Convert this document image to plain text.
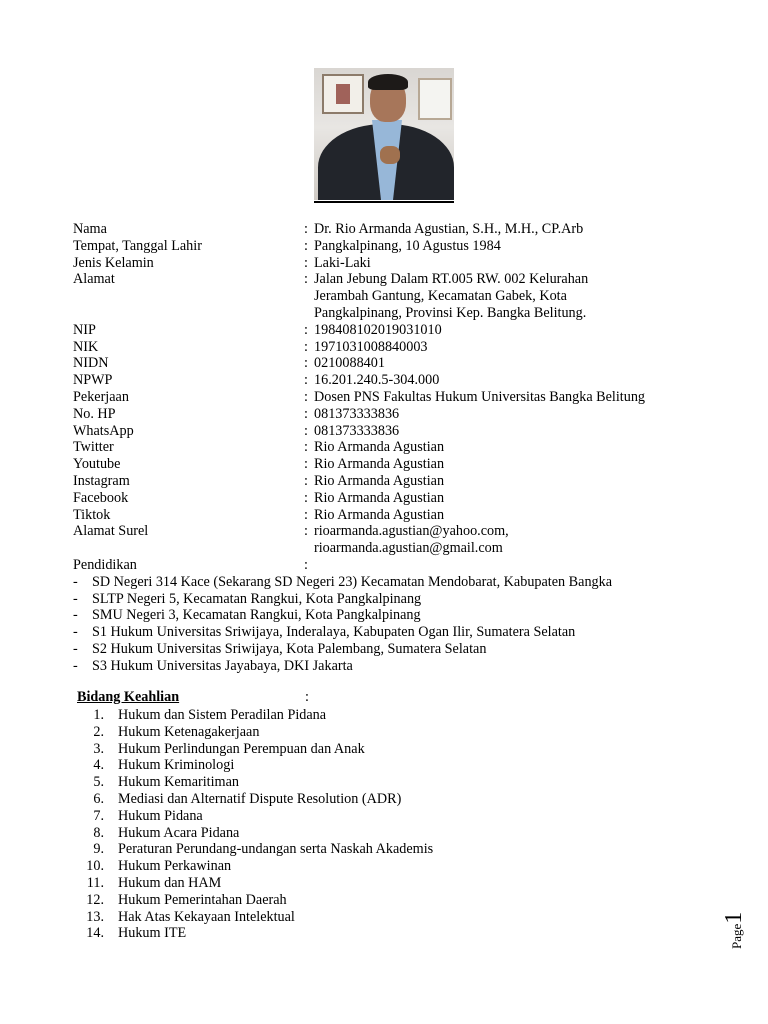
Nama	: Dr. Rio Armanda Agustian, S.H., M.H., CP.Arb
Tempat, Tanggal Lahir	: Pangkalpinang, 10 Agustus 1984
Jenis Kelamin	: Laki-Laki
Alamat	: Jalan Jebung Dalam RT.005 RW. 002 Kelurahan
Jerambah Gantung, Kecamatan Gabek, Kota
Pangkalpinang, Provinsi Kep. Bangka Belitung.
NIP	: 198408102019031010
NIK	: 1971031008840003
NIDN	: 0210088401
NPWP	: 16.201.240.5-304.000
Pekerjaan	: Dosen PNS Fakultas Hukum Universitas Bangka Belitung
No. HP	: 081373333836
WhatsApp	: 081373333836
Twitter	: Rio Armanda Agustian
Youtube	: Rio Armanda Agustian
Instagram	: Rio Armanda Agustian
Facebook	: Rio Armanda Agustian
Tiktok	: Rio Armanda Agustian
Alamat Surel	: rioarmanda.agustian@yahoo.com,
rioarmanda.agustian@gmail.com
Pendidikan	:
- SD Negeri 314 Kace (Sekarang SD Negeri 23) Kecamatan Mendobarat, Kabupaten Bangka
- SLTP Negeri 5, Kecamatan Rangkui, Kota Pangkalpinang
- SMU Negeri 3, Kecamatan Rangkui, Kota Pangkalpinang
- S1 Hukum Universitas Sriwijaya, Inderalaya, Kabupaten Ogan Ilir, Sumatera Selatan
- S2 Hukum Universitas Sriwijaya, Kota Palembang, Sumatera Selatan
- S3 Hukum Universitas Jayabaya, DKI Jakarta
Bidang Keahlian	:
1. Hukum dan Sistem Peradilan Pidana
2. Hukum Ketenagakerjaan
3. Hukum Perlindungan Perempuan dan Anak
4. Hukum Kriminologi
5. Hukum Kemaritiman
6. Mediasi dan Alternatif Dispute Resolution (ADR)
7. Hukum Pidana
8. Hukum Acara Pidana
9. Peraturan Perundang-undangan serta Naskah Akademis
10. Hukum Perkawinan
11. Hukum dan HAM
12. Hukum Pemerintahan Daerah
13. Hak Atas Kekayaan Intelektual
14. Hukum ITE	Page1
